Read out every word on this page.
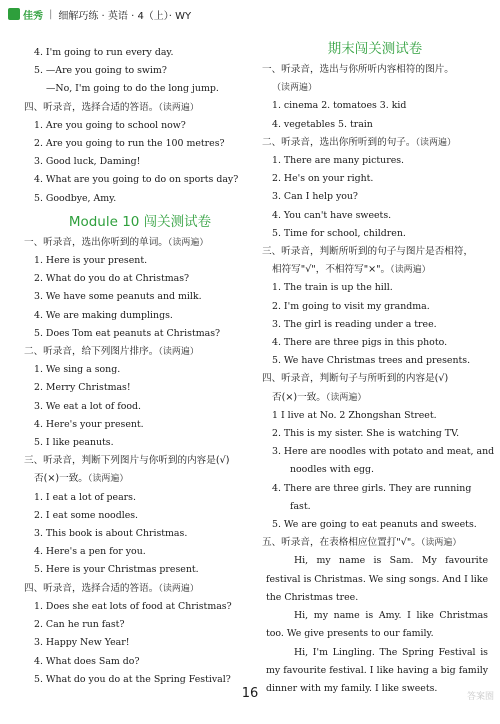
佳秀 | 细解巧练 · 英语 · 4（上）· WY
4. I'm going to run every day.
5. —Are you going to swim?
—No, I'm going to do the long jump.
四、听录音，选择合适的答语。（读两遍）
1. Are you going to school now?
2. Are you going to run the 100 metres?
3. Good luck, Daming!
4. What are you going to do on sports day?
5. Goodbye, Amy.
Module 10 闯关测试卷
一、听录音，选出你听到的单词。（读两遍）
1. Here is your present.
2. What do you do at Christmas?
3. We have some peanuts and milk.
4. We are making dumplings.
5. Does Tom eat peanuts at Christmas?
二、听录音，给下列图片排序。（读两遍）
1. We sing a song.
2. Merry Christmas!
3. We eat a lot of food.
4. Here's your present.
5. I like peanuts.
三、听录音，判断下列图片与你听到的内容是(√)
否(×)一致。（读两遍）
1. I eat a lot of pears.
2. I eat some noodles.
3. This book is about Christmas.
4. Here's a pen for you.
5. Here is your Christmas present.
四、听录音，选择合适的答语。（读两遍）
1. Does she eat lots of food at Christmas?
2. Can he run fast?
3. Happy New Year!
4. What does Sam do?
5. What do you do at the Spring Festival?
期末闯关测试卷
一、听录音，选出与你所听内容相符的图片。
（读两遍）
1. cinema 2. tomatoes 3. kid
4. vegetables 5. train
二、听录音，选出你所听到的句子。（读两遍）
1. There are many pictures.
2. He's on your right.
3. Can I help you?
4. You can't have sweets.
5. Time for school, children.
三、听录音，判断所听到的句子与图片是否相符，
相符写"√"，不相符写"×"。（读两遍）
1. The train is up the hill.
2. I'm going to visit my grandma.
3. The girl is reading under a tree.
4. There are three pigs in this photo.
5. We have Christmas trees and presents.
四、听录音，判断句子与所听到的内容是(√)
否(×)一致。（读两遍）
1 I live at No. 2 Zhongshan Street.
2. This is my sister. She is watching TV.
3. Here are noodles with potato and meat, and
noodles with egg.
4. There are three girls. They are running
fast.
5. We are going to eat peanuts and sweets.
五、听录音，在表格相应位置打"√"。（读两遍）
Hi, my name is Sam. My favourite festival is Christmas. We sing songs. And I like the Christmas tree.
Hi, my name is Amy. I like Christmas too. We give presents to our family.
Hi, I'm Lingling. The Spring Festival is my favourite festival. I like having a big family dinner with my family. I like sweets.
16	答案圈
